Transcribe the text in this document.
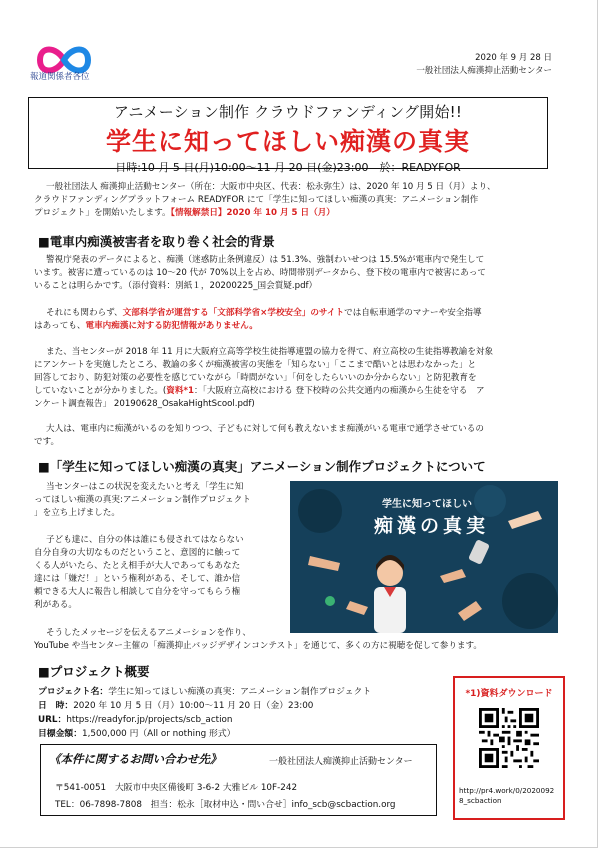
報道関係者各位
2020 年 9 月 28 日
一般社団法人痴漢抑止活動センター
アニメーション制作 クラウドファンディング開始!!
学生に知ってほしい痴漢の真実
日時:10 月 5 日(月)10:00～11 月 20 日(金)23:00　於：READYFOR
一般社団法人 痴漢抑止活動センター（所在：大阪市中央区、代表：松永弥生）は、2020 年 10 月 5 日（月）より、
クラウドファンディングプラットフォーム READYFOR にて「学生に知ってほしい痴漢の真実：アニメーション制作
プロジェクト」を開始いたします。【情報解禁日】2020 年 10 月 5 日（月）
■電車内痴漢被害者を取り巻く社会的背景
警視庁発表のデータによると、痴漢（迷惑防止条例違反）は 51.3%、強制わいせつは 15.5%が電車内で発生して
います。被害に遭っているのは 10～20 代が 70%以上を占め、時間帯別データから、登下校の電車内で被害にあって
いることは明らかです。（添付資料：別紙１，20200225_国会質疑.pdf）
それにも関わらず、文部科学省が運営する「文部科学省×学校安全」のサイトでは自転車通学のマナーや安全指導
はあっても、電車内痴漢に対する防犯情報がありません。
また、当センターが 2018 年 11 月に大阪府立高等学校生徒指導連盟の協力を得て、府立高校の生徒指導教諭を対象
にアンケートを実施したところ、教諭の多くが痴漢被害の実態を「知らない」「ここまで酷いとは思わなかった」と
回答しており、防犯対策の必要性を感じていながら「時間がない」「何をしたらいいのか分からない」と防犯教育を
していないことが分かりました。(資料*1：「大阪府立高校における 登下校時の公共交通内の痴漢から生徒を守る　ア
ンケート調査報告」 20190628_OsakaHightScool.pdf)
大人は、電車内に痴漢がいるのを知りつつ、子どもに対して何も教えないまま痴漢がいる電車で通学させているの
です。
■「学生に知ってほしい痴漢の真実」アニメーション制作プロジェクトについて
当センターはこの状況を変えたいと考え「学生に知
ってほしい痴漢の真実:アニメーション制作プロジェクト
」を立ち上げました。
子ども達に、自分の体は誰にも侵されてはならない
自分自身の大切なものだということ、意図的に触って
くる人がいたら、たとえ相手が大人であってもあなた
達には「嫌だ！」という権利がある、そして、誰か信
頼できる大人に報告し相談して自分を守ってもらう権
利がある。
そうしたメッセージを伝えるアニメーションを作り、
YouTube や当センター主催の「痴漢抑止バッジデザインコンテスト」を通じて、多くの方に視聴を促して参ります。
学生に知ってほしい
痴漢の真実
■プロジェクト概要
プロジェクト名：学生に知ってほしい痴漢の真実：アニメーション制作プロジェクト
日　時：2020 年 10 月 5 日（月）10:00～11 月 20 日（金）23:00
URL：https://readyfor.jp/projects/scb_action
目標金額：1,500,000 円（All or nothing 形式）
《本件に関するお問い合わせ先》	一般社団法人痴漢抑止活動センター
〒541-0051　大阪市中央区備後町 3-6-2 大雅ビル 10F-242
TEL：06-7898-7808　担当：松永［取材申込・問い合せ］info_scb@scbaction.org
*1)資料ダウンロード
http://pr4.work/0/2020092
8_scbaction
